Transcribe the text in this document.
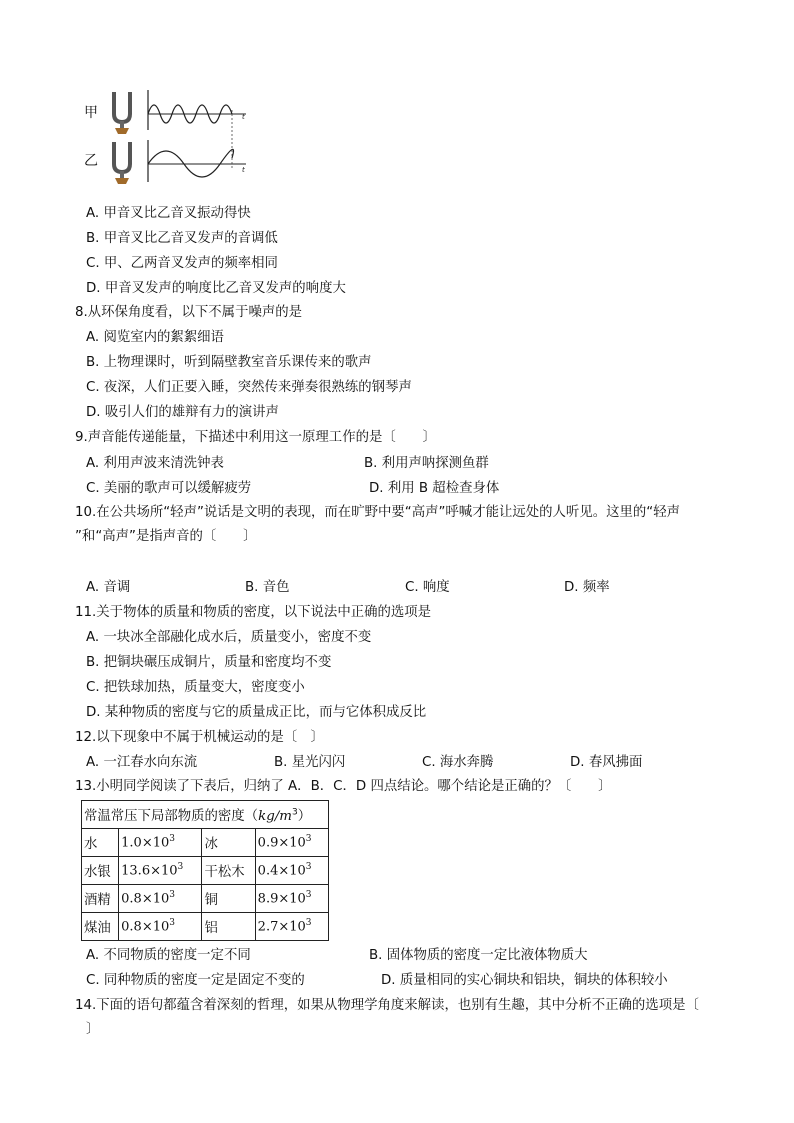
甲
乙
t
t
A. 甲音叉比乙音叉振动得快
B. 甲音叉比乙音叉发声的音调低
C. 甲、乙两音叉发声的频率相同
D. 甲音叉发声的响度比乙音叉发声的响度大
8.从环保角度看，以下不属于噪声的是
A. 阅览室内的絮絮细语
B. 上物理课时，听到隔壁教室音乐课传来的歌声
C. 夜深，人们正要入睡，突然传来弹奏很熟练的钢琴声
D. 吸引人们的雄辩有力的演讲声
9.声音能传递能量，下描述中利用这一原理工作的是〔　　〕
A. 利用声波来清洗钟表	B. 利用声呐探测鱼群
C. 美丽的歌声可以缓解疲劳	D. 利用 B 超检查身体
10.在公共场所“轻声”说话是文明的表现，而在旷野中要“高声”呼喊才能让远处的人听见。这里的“轻声
”和“高声”是指声音的〔　　〕
A. 音调	B. 音色	C. 响度	D. 频率
11.关于物体的质量和物质的密度，以下说法中正确的选项是
A. 一块冰全部融化成水后，质量变小，密度不变
B. 把铜块碾压成铜片，质量和密度均不变
C. 把铁球加热，质量变大，密度变小
D. 某种物质的密度与它的质量成正比，而与它体积成反比
12.以下现象中不属于机械运动的是〔　〕
A. 一江春水向东流	B. 星光闪闪	C. 海水奔腾	D. 春风拂面
13.小明同学阅读了下表后，归纳了 A．B．C．D 四点结论。哪个结论是正确的？〔　　〕
常温常压下局部物质的密度$(kg/m^3)$			
水	$1.0\times 10^3$	冰	$0.9\times 10^3$
水银	$13.6\times 10^3$	干松木	$0.4\times 10^3$
酒精	$0.8\times 10^3$	铜	$8.9\times 10^3$
煤油	$0.8\times 10^3$	铝	$2.7\times 10^3$
A. 不同物质的密度一定不同	B. 固体物质的密度一定比液体物质大
C. 同种物质的密度一定是固定不变的	D. 质量相同的实心铜块和铝块，铜块的体积较小
14.下面的语句都蕴含着深刻的哲理，如果从物理学角度来解读，也别有生趣，其中分析不正确的选项是〔
〕
